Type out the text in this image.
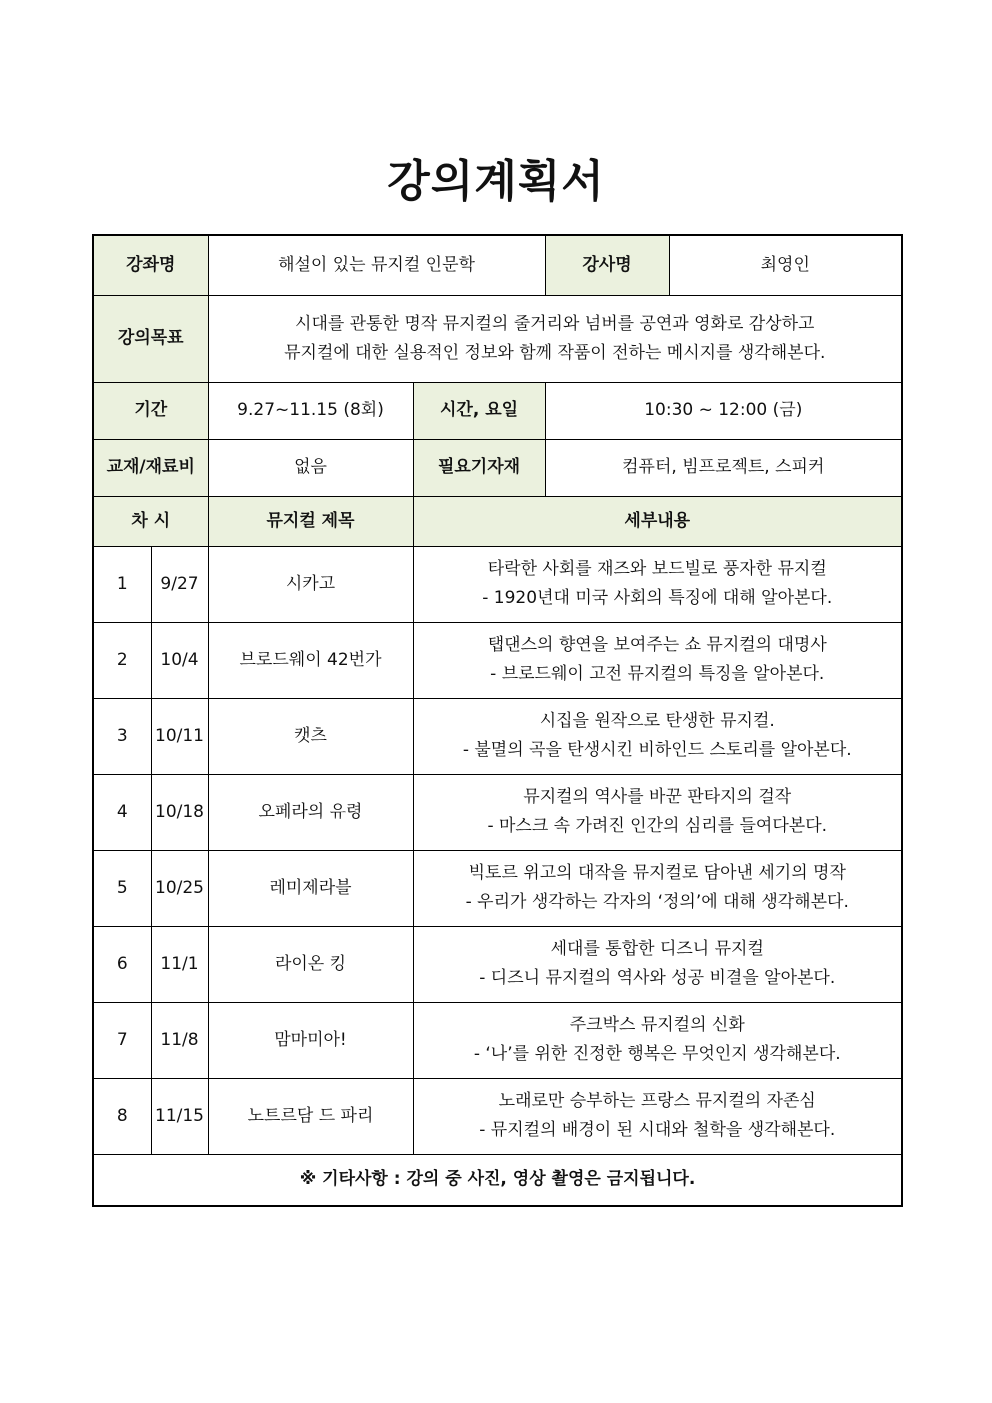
강의계획서
강좌명		해설이 있는 뮤지컬 인문학		강사명	최영인
강의목표		시대를 관통한 명작 뮤지컬의 줄거리와 넘버를 공연과 영화로 감상하고
뮤지컬에 대한 실용적인 정보와 함께 작품이 전하는 메시지를 생각해본다.			

기간		9.27~11.15 (8회)	시간, 요일	10:30 ~ 12:00 (금)	
교재/재료비		없음	필요기자재	컴퓨터, 빔프로젝트, 스피커	
차 시		뮤지컬 제목	세부내용		
1	9/27	시카고	타락한 사회를 재즈와 보드빌로 풍자한 뮤지컬
- 1920년대 미국 사회의 특징에 대해 알아본다.		

2	10/4	브로드웨이 42번가	탭댄스의 향연을 보여주는 쇼 뮤지컬의 대명사
- 브로드웨이 고전 뮤지컬의 특징을 알아본다.		

3	10/11	캣츠	시집을 원작으로 탄생한 뮤지컬.
- 불멸의 곡을 탄생시킨 비하인드 스토리를 알아본다.		

4	10/18	오페라의 유령	뮤지컬의 역사를 바꾼 판타지의 걸작
- 마스크 속 가려진 인간의 심리를 들여다본다.		

5	10/25	레미제라블	빅토르 위고의 대작을 뮤지컬로 담아낸 세기의 명작
- 우리가 생각하는 각자의 ‘정의’에 대해 생각해본다.		

6	11/1	라이온 킹	세대를 통합한 디즈니 뮤지컬
- 디즈니 뮤지컬의 역사와 성공 비결을 알아본다.		

7	11/8	맘마미아!	주크박스 뮤지컬의 신화
- ‘나’를 위한 진정한 행복은 무엇인지 생각해본다.		

8	11/15	노트르담 드 파리	노래로만 승부하는 프랑스 뮤지컬의 자존심
- 뮤지컬의 배경이 된 시대와 철학을 생각해본다.		

※ 기타사항 : 강의 중 사진, 영상 촬영은 금지됩니다.					
